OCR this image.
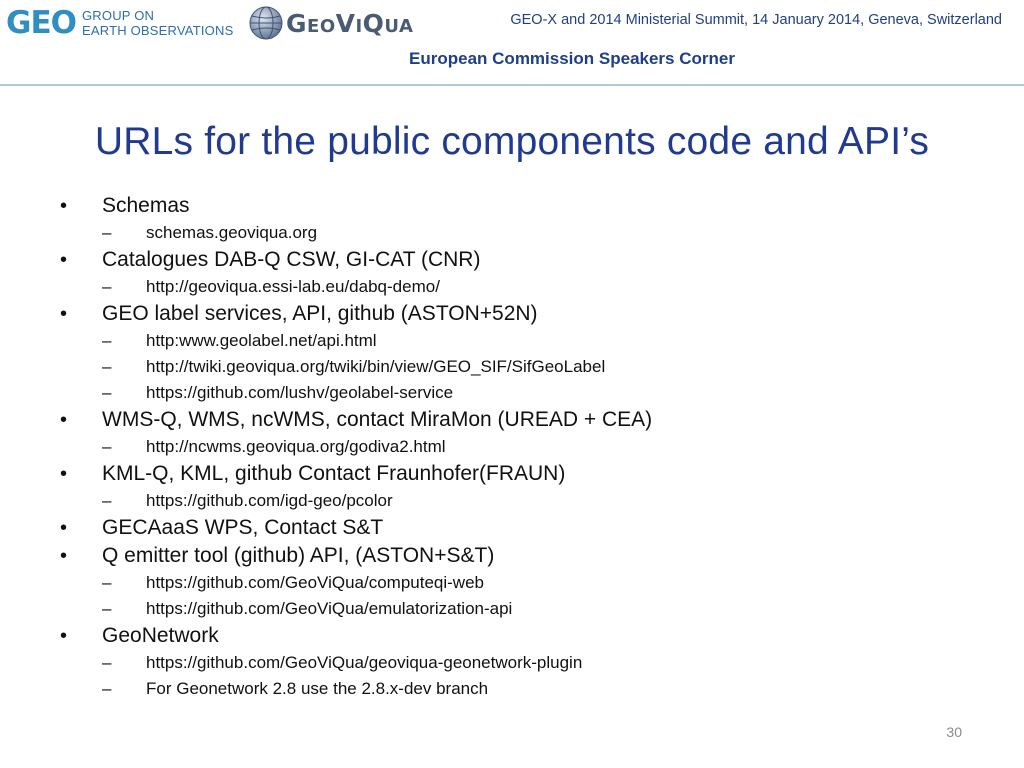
GEO GROUP ON
EARTH OBSERVATIONS GeoViQua	GEO-X and 2014 Ministerial Summit, 14 January 2014, Geneva, Switzerland
European Commission Speakers Corner
URLs for the public components code and API’s
• Schemas
– schemas.geoviqua.org
• Catalogues DAB-Q CSW, GI-CAT (CNR)
– http://geoviqua.essi-lab.eu/dabq-demo/
• GEO label services, API, github (ASTON+52N)
– http:www.geolabel.net/api.html
– http://twiki.geoviqua.org/twiki/bin/view/GEO_SIF/SifGeoLabel
– https://github.com/lushv/geolabel-service
• WMS-Q, WMS, ncWMS, contact MiraMon (UREAD + CEA)
– http://ncwms.geoviqua.org/godiva2.html
• KML-Q, KML, github Contact Fraunhofer(FRAUN)
– https://github.com/igd-geo/pcolor
• GECAaaS WPS, Contact S&T
• Q emitter tool (github) API, (ASTON+S&T)
– https://github.com/GeoViQua/computeqi-web
– https://github.com/GeoViQua/emulatorization-api
• GeoNetwork
– https://github.com/GeoViQua/geoviqua-geonetwork-plugin
– For Geonetwork 2.8 use the 2.8.x-dev branch
30
